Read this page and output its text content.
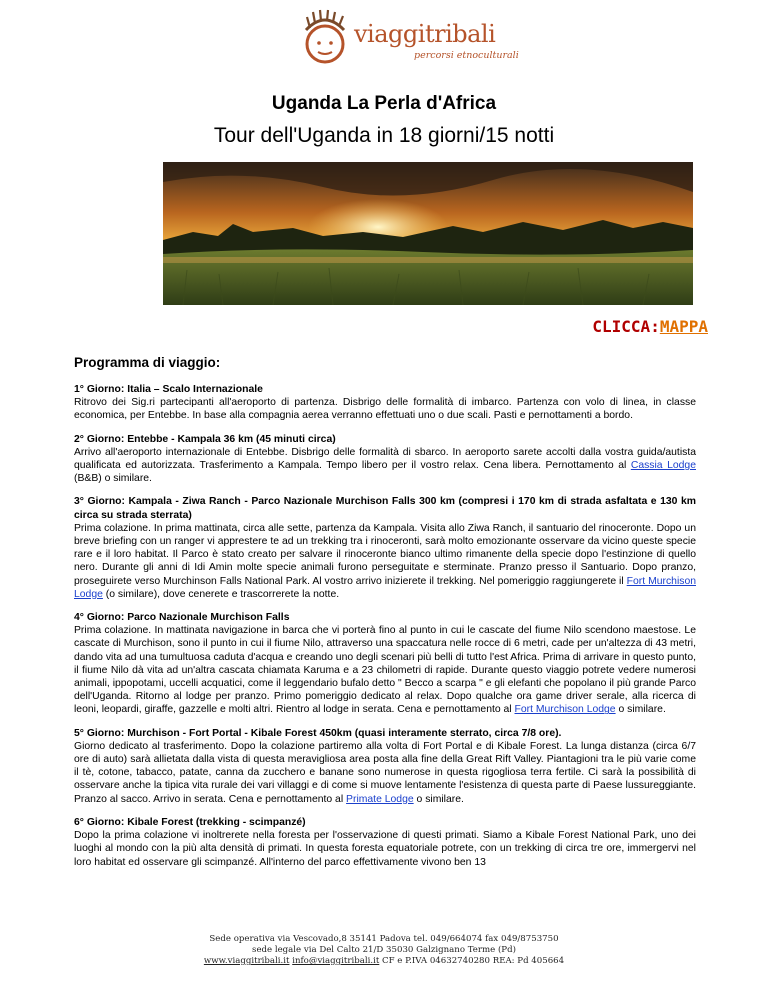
viaggitribali
percorsi etnoculturali
Uganda La Perla d'Africa
Tour dell'Uganda in 18 giorni/15 notti
CLICCA:MAPPA
Programma di viaggio:
1° Giorno: Italia – Scalo Internazionale
Ritrovo dei Sig.ri partecipanti all'aeroporto di partenza. Disbrigo delle formalità di imbarco. Partenza con volo di linea, in classe economica, per Entebbe. In base alla compagnia aerea verranno effettuati uno o due scali. Pasti e pernottamenti a bordo.
2° Giorno: Entebbe - Kampala 36 km (45 minuti circa)
Arrivo all'aeroporto internazionale di Entebbe. Disbrigo delle formalità di sbarco. In aeroporto sarete accolti dalla vostra guida/autista qualificata ed autorizzata. Trasferimento a Kampala. Tempo libero per il vostro relax. Cena libera. Pernottamento al Cassia Lodge (B&B) o similare.
3° Giorno: Kampala - Ziwa Ranch - Parco Nazionale Murchison Falls 300 km (compresi i 170 km di strada asfaltata e 130 km circa su strada sterrata)
Prima colazione. In prima mattinata, circa alle sette, partenza da Kampala. Visita allo Ziwa Ranch, il santuario del rinoceronte. Dopo un breve briefing con un ranger vi apprestere te ad un trekking tra i rinoceronti, sarà molto emozionante osservare da vicino queste specie rare e il loro habitat. Il Parco è stato creato per salvare il rinoceronte bianco ultimo rimanente della specie dopo l'estinzione di quello nero. Durante gli anni di Idi Amin molte specie animali furono perseguitate e sterminate. Pranzo presso il Santuario. Dopo pranzo, proseguirete verso Murchinson Falls National Park. Al vostro arrivo inizierete il trekking. Nel pomeriggio raggiungerete il Fort Murchison Lodge (o similare), dove cenerete e trascorrerete la notte.
4° Giorno: Parco Nazionale Murchison Falls
Prima colazione. In mattinata navigazione in barca che vi porterà fino al punto in cui le cascate del fiume Nilo scendono maestose. Le cascate di Murchison, sono il punto in cui il fiume Nilo, attraverso una spaccatura nelle rocce di 6 metri, cade per un'altezza di 43 metri, dando vita ad una tumultuosa caduta d'acqua e creando uno degli scenari più belli di tutto l'est Africa. Prima di arrivare in questo punto, il fiume Nilo dà vita ad un'altra cascata chiamata Karuma e a 23 chilometri di rapide. Durante questo viaggio potrete vedere numerosi animali, ippopotami, uccelli acquatici, come il leggendario bufalo detto " Becco a scarpa " e gli elefanti che popolano il più grande Parco dell'Uganda. Ritorno al lodge per pranzo. Primo pomeriggio dedicato al relax. Dopo qualche ora game driver serale, alla ricerca di leoni, leopardi, giraffe, gazzelle e molti altri. Rientro al lodge in serata. Cena e pernottamento al Fort Murchison Lodge o similare.
5° Giorno: Murchison - Fort Portal - Kibale Forest 450km (quasi interamente sterrato, circa 7/8 ore).
Giorno dedicato al trasferimento. Dopo la colazione partiremo alla volta di Fort Portal e di Kibale Forest. La lunga distanza (circa 6/7 ore di auto) sarà allietata dalla vista di questa meravigliosa area posta alla fine della Great Rift Valley. Piantagioni tra le più varie come il tè, cotone, tabacco, patate, canna da zucchero e banane sono numerose in questa rigogliosa terra fertile. Ci sarà la possibilità di osservare anche la tipica vita rurale dei vari villaggi e di come si muove lentamente l'esistenza di questa parte di Paese lussureggiante. Pranzo al sacco. Arrivo in serata. Cena e pernottamento al Primate Lodge o similare.
6° Giorno: Kibale Forest (trekking - scimpanzé)
Dopo la prima colazione vi inoltrerete nella foresta per l'osservazione di questi primati. Siamo a Kibale Forest National Park, uno dei luoghi al mondo con la più alta densità di primati. In questa foresta equatoriale potrete, con un trekking di circa tre ore, immergervi nel loro habitat ed osservare gli scimpanzé. All'interno del parco effettivamente vivono ben 13
Sede operativa via Vescovado,8 35141 Padova tel. 049/664074 fax 049/8753750
sede legale via Del Calto 21/D 35030 Galzignano Terme (Pd)
www.viaggitribali.it info@viaggitribali.it CF e P.IVA 04632740280 REA: Pd 405664
